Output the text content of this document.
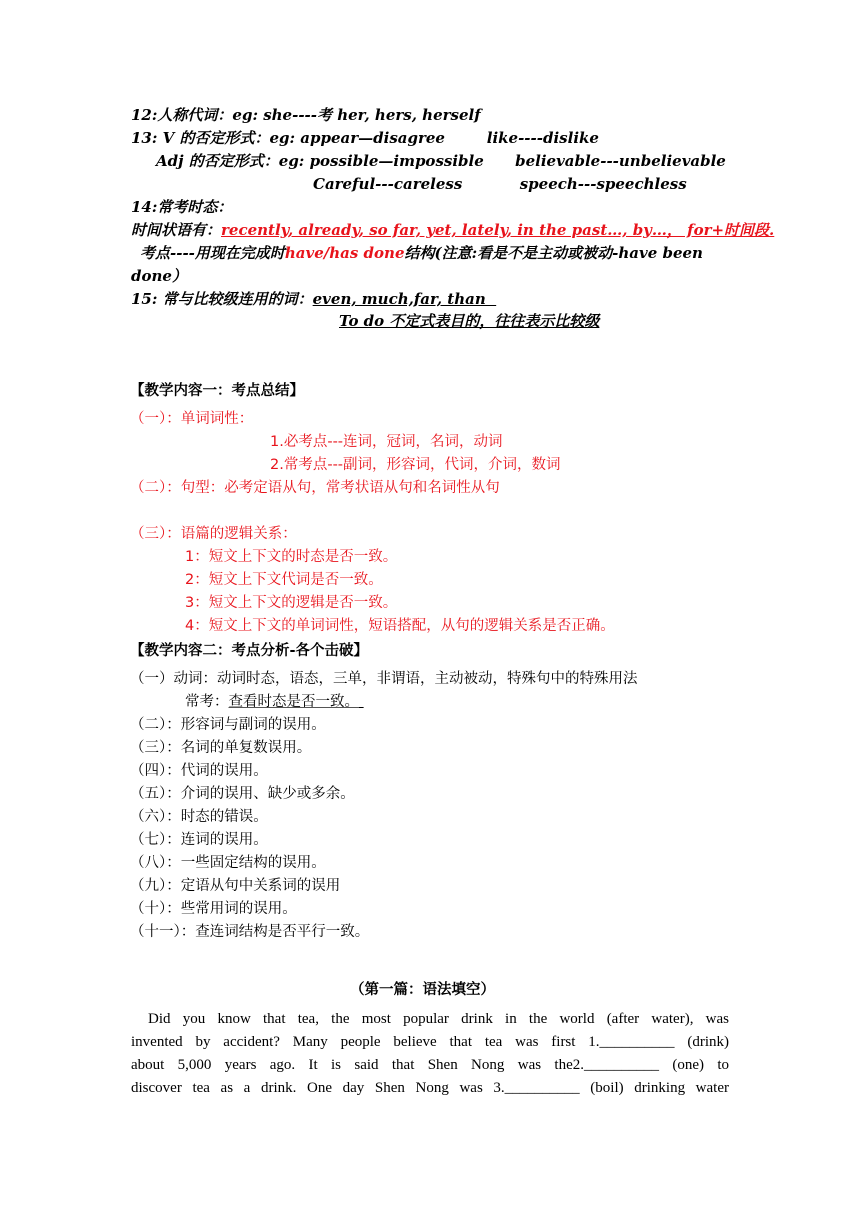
12:人称代词：eg: she----考 her, hers, herself
13: V 的否定形式：eg: appear—disagree        like----dislike
Adj 的否定形式：eg: possible—impossible      believable---unbelievable
Careful---careless           speech---speechless
14:常考时态：
时间状语有：recently, already, so far, yet, lately, in the past…, by…， for+时间段.
考点----用现在完成时have/has done结构(注意:看是不是主动或被动-have been
done）
15: 常与比较级连用的词：even, much,far, than
To do 不定式表目的，往往表示比较级
【教学内容一：考点总结】
（一）：单词词性：
1.必考点---连词，冠词，名词，动词
2.常考点---副词，形容词，代词，介词，数词
（二）：句型：必考定语从句，常考状语从句和名词性从句
（三）：语篇的逻辑关系：
1：短文上下文的时态是否一致。
2：短文上下文代词是否一致。
3：短文上下文的逻辑是否一致。
4：短文上下文的单词词性，短语搭配，从句的逻辑关系是否正确。
【教学内容二：考点分析-各个击破】
（一）动词：动词时态，语态，三单，非谓语，主动被动，特殊句中的特殊用法
常考：查看时态是否一致。
（二）：形容词与副词的误用。
（三）：名词的单复数误用。
（四）：代词的误用。
（五）：介词的误用、缺少或多余。
（六）：时态的错误。
（七）：连词的误用。
（八）：一些固定结构的误用。
（九）：定语从句中关系词的误用
（十）：些常用词的误用。
（十一）：查连词结构是否平行一致。
（第一篇：语法填空）
Did you know that tea, the most popular drink in the world (after water), was
invented by accident? Many people believe that tea was first 1.__________ (drink)
about 5,000 years ago. It is said that Shen Nong was the2.__________ (one) to
discover tea as a drink. One day Shen Nong was 3.__________ (boil) drinking water
